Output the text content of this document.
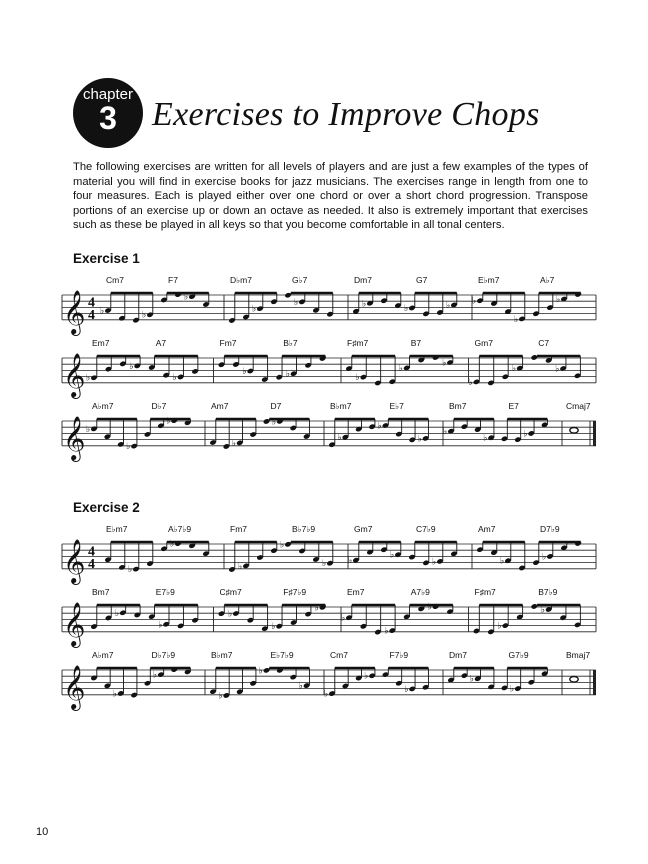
chapter
3	Exercises to Improve Chops
The following exercises are written for all levels of players and are just a few examples of the types of material you will find in exercise books for jazz musicians. The exercises range in length from one to four measures. Each is played either over one chord or over a short chord progression. Transpose portions of an exercise up or down an octave as needed. It also is extremely important that exercises such as these be played in all keys so that you become comfortable in all tonal centers.
Exercise 1
Exercise 2
𝄞 4
4
Cm7	F7	D♭m7	G♭7	Dm7	G7	E♭m7	A♭7
♭	♭
♭
♭
♭	♭	♭	♭ ♭
♭
♭
𝄞
Em7	A7	Fm7	B♭7	F♯m7	B7	Gm7	C7
♭
♭
♭
♭	♭	♭
♭
♭
♭
♭	♭
𝄞
A♭m7	D♭7	Am7	D7	B♭m7	E♭7	Bm7	E7	Cmaj7
♭
♭
♭
♭
♭
♭
♭
♭
♭
♭	♭
𝄞 4
4
E♭m7	A♭7♭9	Fm7	B♭7♭9	Gm7	C7♭9	Am7	D7♭9
♭
♭
♭
♭
♭ ♭
♭
♭	♭	♭
𝄞
Bm7	E7♭9	C♯m7	F♯7♭9	Em7	A7♭9	F♯m7	B7♭9
♭
♭
♭
♭
♭
♭
♭
♭
♭
♭
𝄞
A♭m7	D♭7♭9	B♭m7	E♭7♭9	Cm7	F7♭9	Dm7	G7♭9	Bmaj7
♭
♭
♭
♭
♭
♭
♭
♭
♭
♭
10
